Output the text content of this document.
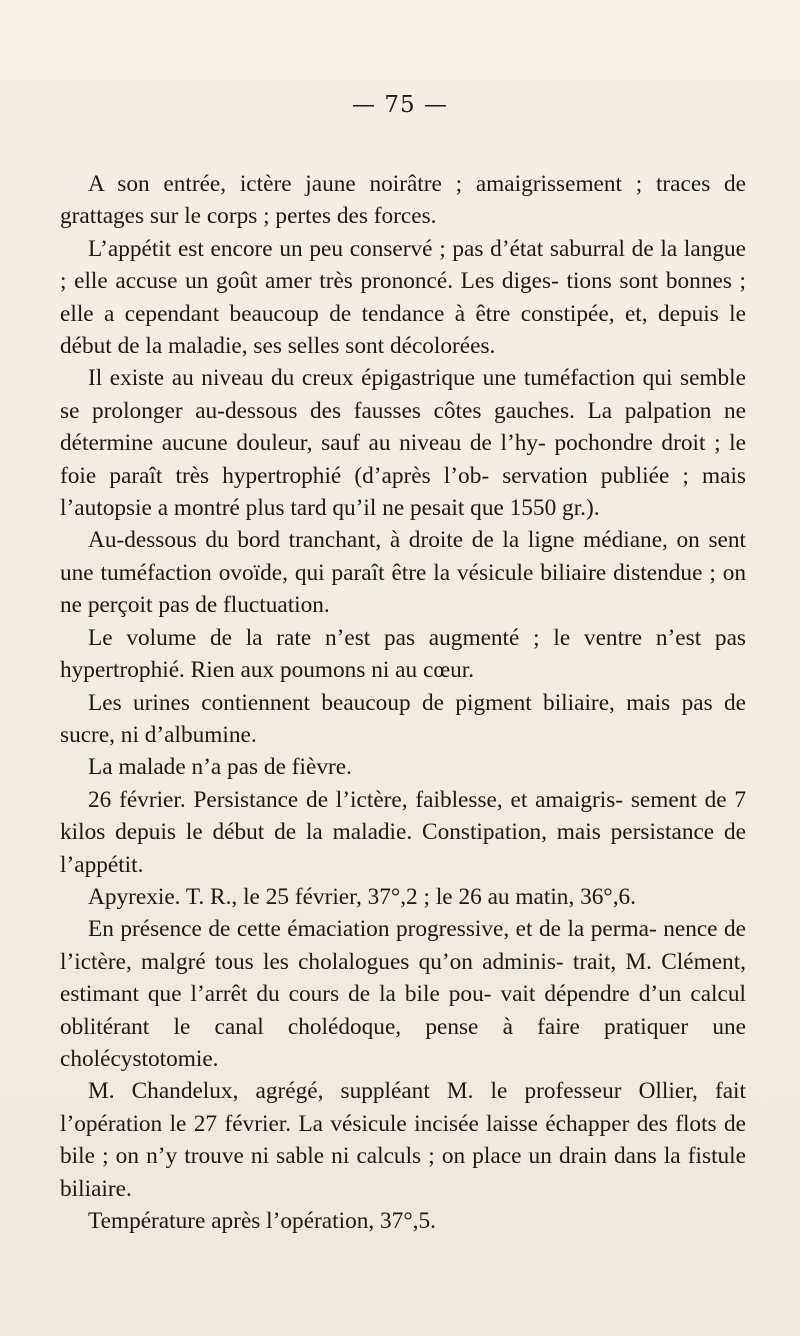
— 75 —

A son entrée, ictère jaune noirâtre ; amaigrissement ; traces de grattages sur le corps ; pertes des forces.

L’appétit est encore un peu conservé ; pas d’état saburral de la langue ; elle accuse un goût amer très prononcé. Les diges- tions sont bonnes ; elle a cependant beaucoup de tendance à être constipée, et, depuis le début de la maladie, ses selles sont décolorées.

Il existe au niveau du creux épigastrique une tuméfaction qui semble se prolonger au-dessous des fausses côtes gauches. La palpation ne détermine aucune douleur, sauf au niveau de l’hy- pochondre droit ; le foie paraît très hypertrophié (d’après l’ob- servation publiée ; mais l’autopsie a montré plus tard qu’il ne pesait que 1550 gr.).

Au-dessous du bord tranchant, à droite de la ligne médiane, on sent une tuméfaction ovoïde, qui paraît être la vésicule biliaire distendue ; on ne perçoit pas de fluctuation.

Le volume de la rate n’est pas augmenté ; le ventre n’est pas hypertrophié. Rien aux poumons ni au cœur.

Les urines contiennent beaucoup de pigment biliaire, mais pas de sucre, ni d’albumine.

La malade n’a pas de fièvre.

26 février. Persistance de l’ictère, faiblesse, et amaigris- sement de 7 kilos depuis le début de la maladie. Constipation, mais persistance de l’appétit.

Apyrexie. T. R., le 25 février, 37°,2 ; le 26 au matin, 36°,6.

En présence de cette émaciation progressive, et de la perma- nence de l’ictère, malgré tous les cholalogues qu’on adminis- trait, M. Clément, estimant que l’arrêt du cours de la bile pou- vait dépendre d’un calcul oblitérant le canal cholédoque, pense à faire pratiquer une cholécystotomie.

M. Chandelux, agrégé, suppléant M. le professeur Ollier, fait l’opération le 27 février. La vésicule incisée laisse échapper des flots de bile ; on n’y trouve ni sable ni calculs ; on place un drain dans la fistule biliaire.

Température après l’opération, 37°,5.
